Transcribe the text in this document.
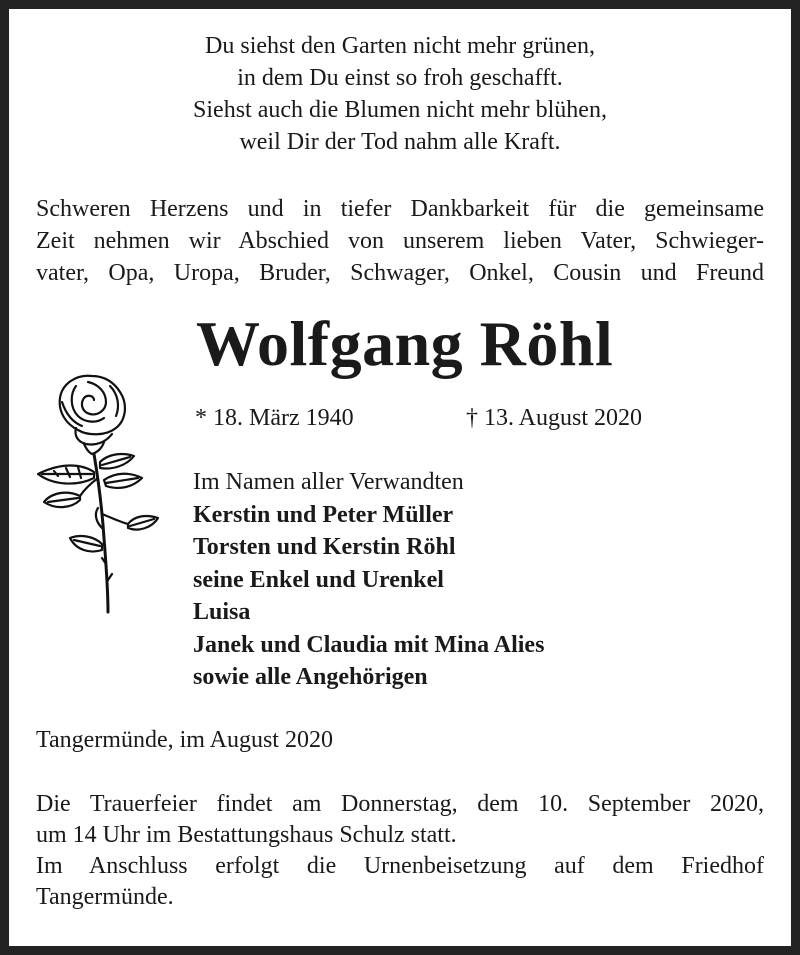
Du siehst den Garten nicht mehr grünen,
in dem Du einst so froh geschafft.
Siehst auch die Blumen nicht mehr blühen,
weil Dir der Tod nahm alle Kraft.
Schweren Herzens und in tiefer Dankbarkeit für die gemeinsame
Zeit nehmen wir Abschied von unserem lieben Vater, Schwieger-
vater, Opa, Uropa, Bruder, Schwager, Onkel, Cousin und Freund
Wolfgang Röhl
* 18. März 1940	† 13. August 2020
Im Namen aller Verwandten
Kerstin und Peter Müller
Torsten und Kerstin Röhl
seine Enkel und Urenkel
Luisa
Janek und Claudia mit Mina Alies
sowie alle Angehörigen
Tangermünde, im August 2020
Die Trauerfeier findet am Donnerstag, dem 10. September 2020,
um 14 Uhr im Bestattungshaus Schulz statt.
Im Anschluss erfolgt die Urnenbeisetzung auf dem Friedhof
Tangermünde.
